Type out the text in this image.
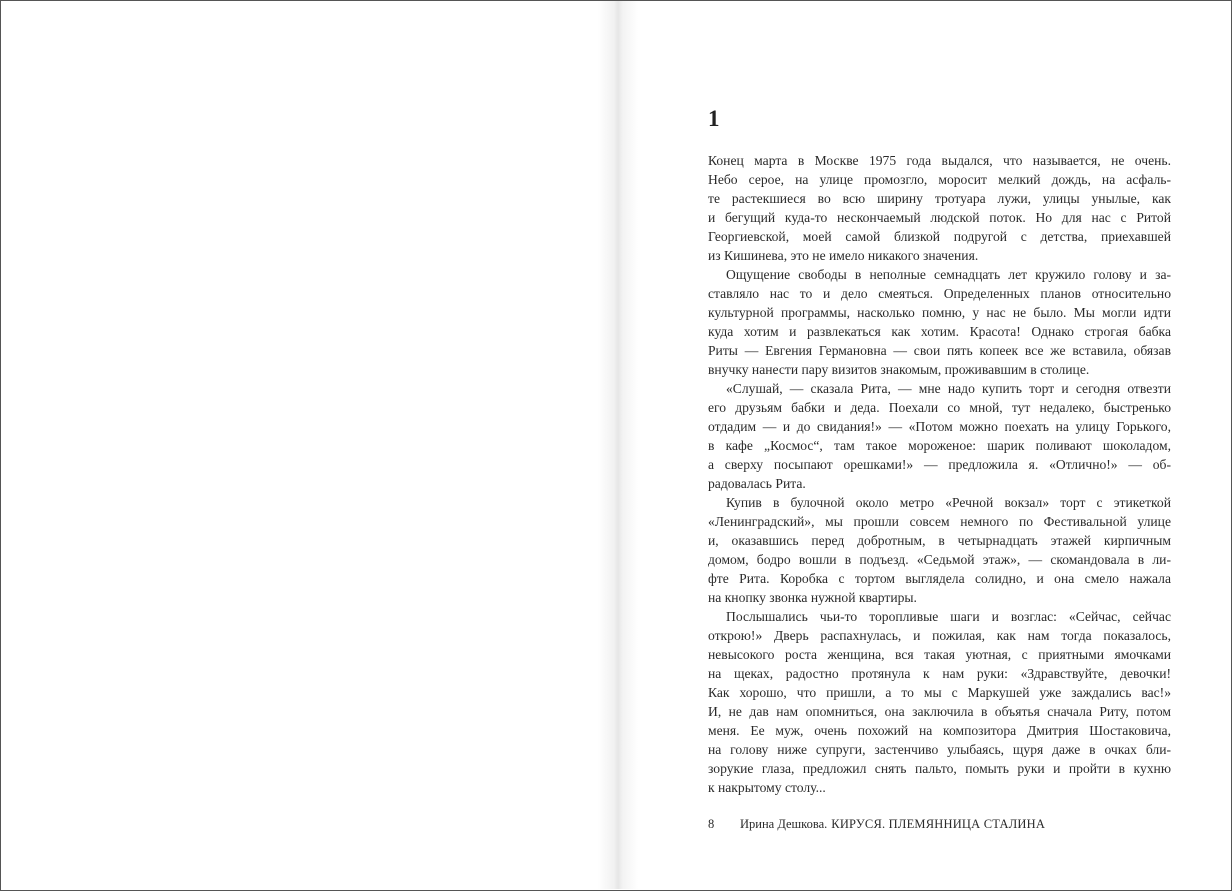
1
Конец марта в Москве 1975 года выдался, что называется, не очень.
Небо серое, на улице промозгло, моросит мелкий дождь, на асфаль-
те растекшиеся во всю ширину тротуара лужи, улицы унылые, как
и бегущий куда-то нескончаемый людской поток. Но для нас с Ритой
Георгиевской, моей самой близкой подругой с детства, приехавшей
из Кишинева, это не имело никакого значения.
Ощущение свободы в неполные семнадцать лет кружило голову и за-
ставляло нас то и дело смеяться. Определенных планов относительно
культурной программы, насколько помню, у нас не было. Мы могли идти
куда хотим и развлекаться как хотим. Красота! Однако строгая бабка
Риты — Евгения Германовна — свои пять копеек все же вставила, обязав
внучку нанести пару визитов знакомым, проживавшим в столице.
«Слушай, — сказала Рита, — мне надо купить торт и сегодня отвезти
его друзьям бабки и деда. Поехали со мной, тут недалеко, быстренько
отдадим — и до свидания!» — «Потом можно поехать на улицу Горького,
в кафе „Космос“, там такое мороженое: шарик поливают шоколадом,
а сверху посыпают орешками!» — предложила я. «Отлично!» — об-
радовалась Рита.
Купив в булочной около метро «Речной вокзал» торт с этикеткой
«Ленинградский», мы прошли совсем немного по Фестивальной улице
и, оказавшись перед добротным, в четырнадцать этажей кирпичным
домом, бодро вошли в подъезд. «Седьмой этаж», — скомандовала в ли-
фте Рита. Коробка с тортом выглядела солидно, и она смело нажала
на кнопку звонка нужной квартиры.
Послышались чьи-то торопливые шаги и возглас: «Сейчас, сейчас
открою!» Дверь распахнулась, и пожилая, как нам тогда показалось,
невысокого роста женщина, вся такая уютная, с приятными ямочками
на щеках, радостно протянула к нам руки: «Здравствуйте, девочки!
Как хорошо, что пришли, а то мы с Маркушей уже заждались вас!»
И, не дав нам опомниться, она заключила в объятья сначала Риту, потом
меня. Ее муж, очень похожий на композитора Дмитрия Шостаковича,
на голову ниже супруги, застенчиво улыбаясь, щуря даже в очках бли-
зорукие глаза, предложил снять пальто, помыть руки и пройти в кухню
к накрытому столу...
8 Ирина Дешкова. КИРУСЯ. ПЛЕМЯННИЦА СТАЛИНА
